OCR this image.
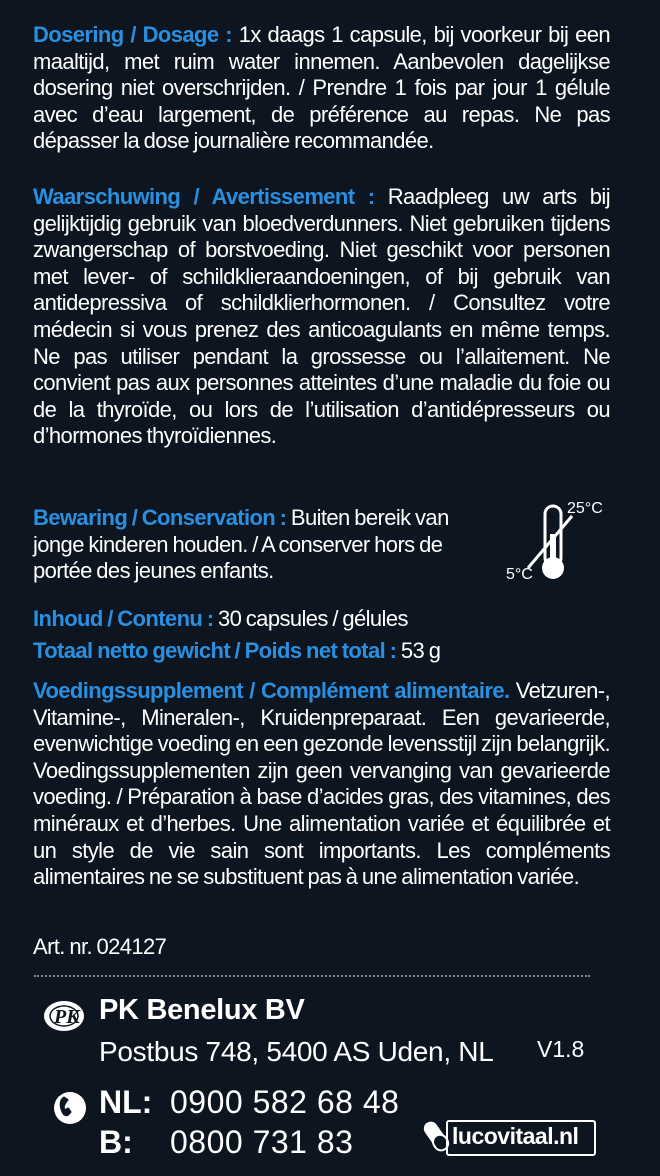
Dosering / Dosage : 1x daags 1 capsule, bij voorkeur bij een maaltijd, met ruim water innemen. Aanbevolen dagelijkse dosering niet overschrijden. / Prendre 1 fois par jour 1 gélule avec d’eau largement, de préférence au repas. Ne pas dépasser la dose journalière recommandée.
Waarschuwing / Avertissement : Raadpleeg uw arts bij gelijktijdig gebruik van bloedverdunners. Niet gebruiken tijdens zwangerschap of borstvoeding. Niet geschikt voor personen met lever- of schildklieraandoeningen, of bij gebruik van antidepressiva of schildklierhormonen. / Consultez votre médecin si vous prenez des anticoagulants en même temps. Ne pas utiliser pendant la grossesse ou l’allaitement. Ne convient pas aux personnes atteintes d’une maladie du foie ou de la thyroïde, ou lors de l’utilisation d’antidépresseurs ou d’hormones thyroïdiennes.
Bewaring / Conservation : Buiten bereik van jonge kinderen houden. / A conserver hors de portée des jeunes enfants.
25°C
5°C
Inhoud / Contenu : 30 capsules / gélules
Totaal netto gewicht / Poids net total : 53 g
Voedingssupplement / Complément alimentaire. Vetzuren-, Vitamine-, Mineralen-, Kruidenpreparaat. Een gevarieerde, evenwichtige voeding en een gezonde levensstijl zijn belangrijk. Voedingssupplementen zijn geen vervanging van gevarieerde voeding. / Préparation à base d’acides gras, des vitamines, des minéraux et d’herbes. Une alimentation variée et équilibrée et un style de vie sain sont importants. Les compléments alimentaires ne se substituent pas à une alimentation variée.
Art. nr. 024127
PK PK Benelux BV
Postbus 748, 5400 AS Uden, NL V1.8
NL: 0900 582 68 48
B: 0800 731 83	lucovitaal.nl
